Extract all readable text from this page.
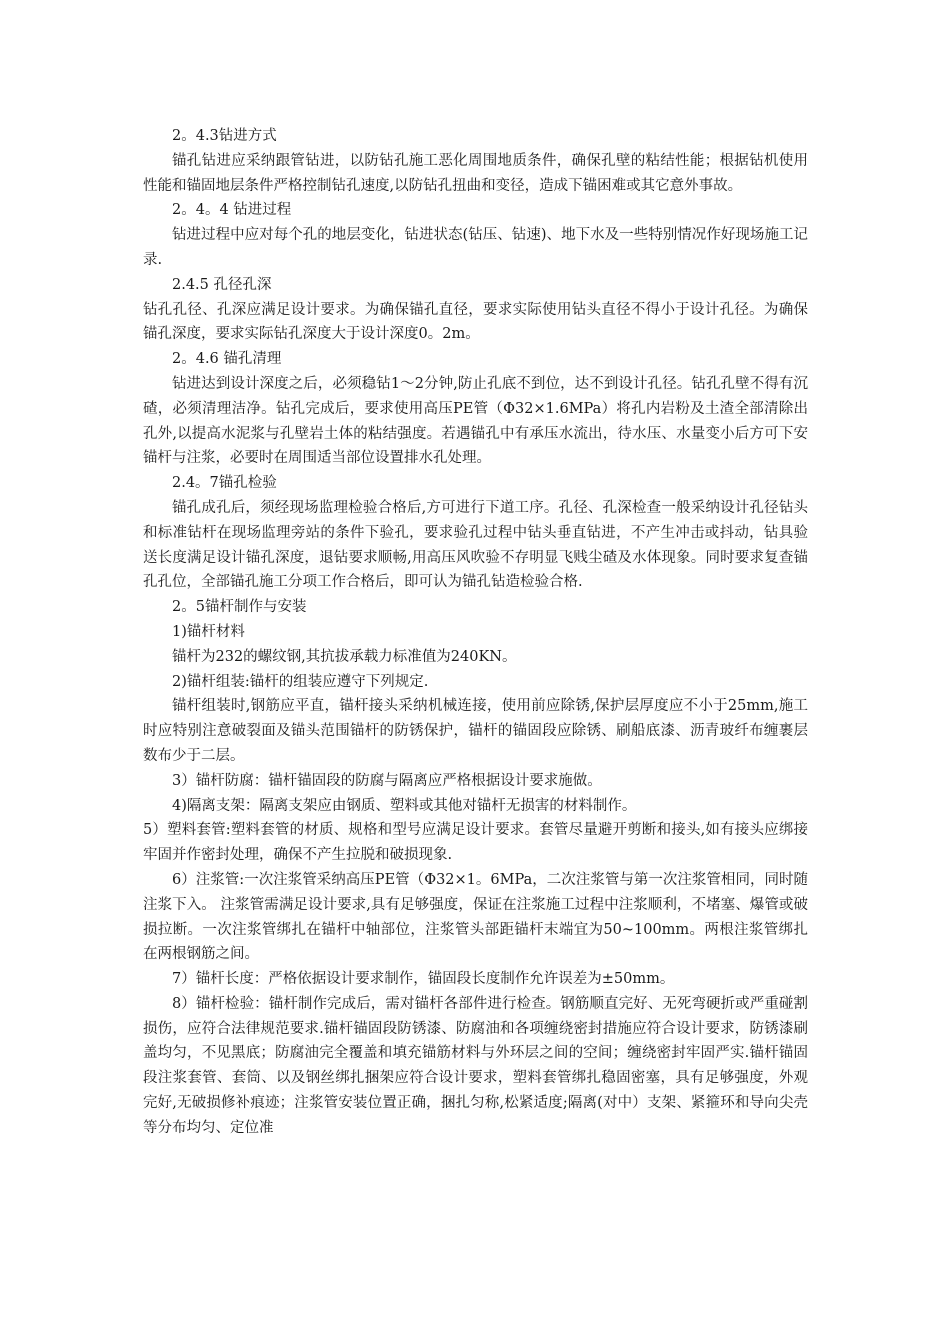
2。4.3钻进方式

锚孔钻进应采纳跟管钻进，以防钻孔施工恶化周围地质条件，确保孔壁的粘结性能；根据钻机使用性能和锚固地层条件严格控制钻孔速度,以防钻孔扭曲和变径，造成下锚困难或其它意外事故。

2。4。4 钻进过程

钻进过程中应对每个孔的地层变化，钻进状态(钻压、钻速)、地下水及一些特别情况作好现场施工记录.

2.4.5 孔径孔深

钻孔孔径、孔深应满足设计要求。为确保锚孔直径，要求实际使用钻头直径不得小于设计孔径。为确保锚孔深度，要求实际钻孔深度大于设计深度0。2m。

2。4.6 锚孔清理

钻进达到设计深度之后，必须稳钻1～2分钟,防止孔底不到位，达不到设计孔径。钻孔孔壁不得有沉碴，必须清理洁净。钻孔完成后，要求使用高压PE管（Φ32×1.6MPa）将孔内岩粉及土渣全部清除出孔外,以提高水泥浆与孔壁岩土体的粘结强度。若遇锚孔中有承压水流出，待水压、水量变小后方可下安锚杆与注浆，必要时在周围适当部位设置排水孔处理。

2.4。7锚孔检验

锚孔成孔后，须经现场监理检验合格后,方可进行下道工序。孔径、孔深检查一般采纳设计孔径钻头和标准钻杆在现场监理旁站的条件下验孔，要求验孔过程中钻头垂直钻进，不产生冲击或抖动，钻具验送长度满足设计锚孔深度，退钻要求顺畅,用高压风吹验不存明显飞贱尘碴及水体现象。同时要求复查锚孔孔位，全部锚孔施工分项工作合格后，即可认为锚孔钻造检验合格.

2。5锚杆制作与安装

1)锚杆材料

锚杆为232的螺纹钢,其抗拔承载力标准值为240KN。

2)锚杆组装:锚杆的组装应遵守下列规定.

锚杆组装时,钢筋应平直，锚杆接头采纳机械连接，使用前应除锈,保护层厚度应不小于25mm,施工时应特别注意破裂面及锚头范围锚杆的防锈保护，锚杆的锚固段应除锈、刷船底漆、沥青玻纤布缠裹层数布少于二层。

3）锚杆防腐：锚杆锚固段的防腐与隔离应严格根据设计要求施做。

4)隔离支架：隔离支架应由钢质、塑料或其他对锚杆无损害的材料制作。

5）塑料套管:塑料套管的材质、规格和型号应满足设计要求。套管尽量避开剪断和接头,如有接头应绑接牢固并作密封处理，确保不产生拉脱和破损现象.

6）注浆管:一次注浆管采纳高压PE管（Φ32×1。6MPa，二次注浆管与第一次注浆管相同，同时随注浆下入。 注浆管需满足设计要求,具有足够强度，保证在注浆施工过程中注浆顺利，不堵塞、爆管或破损拉断。一次注浆管绑扎在锚杆中轴部位，注浆管头部距锚杆末端宜为50~100mm。两根注浆管绑扎在两根钢筋之间。

7）锚杆长度：严格依据设计要求制作，锚固段长度制作允许误差为±50mm。

8）锚杆检验：锚杆制作完成后，需对锚杆各部件进行检查。钢筋顺直完好、无死弯硬折或严重碰割损伤，应符合法律规范要求.锚杆锚固段防锈漆、防腐油和各项缠绕密封措施应符合设计要求，防锈漆刷盖均匀，不见黑底；防腐油完全覆盖和填充锚筋材料与外环层之间的空间；缠绕密封牢固严实.锚杆锚固段注浆套管、套筒、以及钢丝绑扎捆架应符合设计要求，塑料套管绑扎稳固密塞，具有足够强度，外观完好,无破损修补痕迹；注浆管安装位置正确，捆扎匀称,松紧适度;隔离(对中）支架、紧箍环和导向尖壳等分布均匀、定位准
